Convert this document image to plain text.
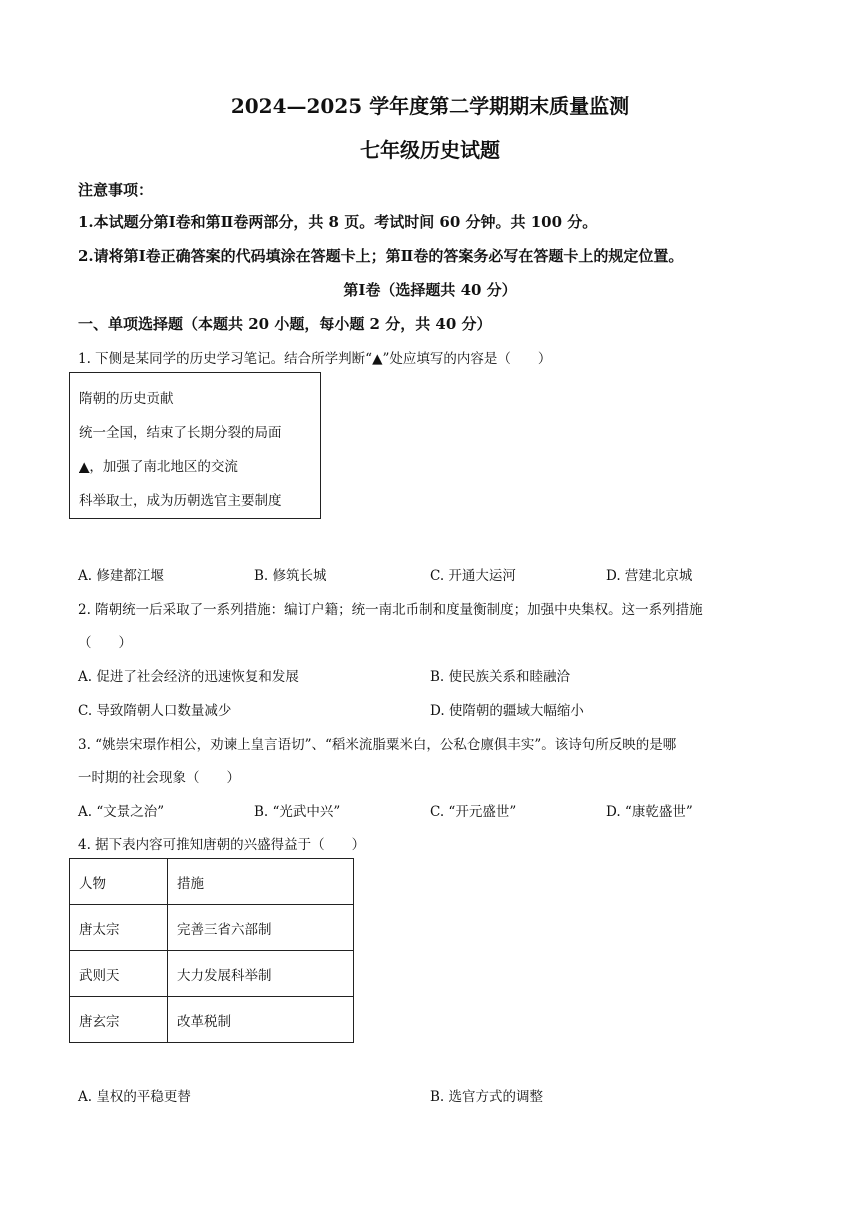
2024—2025 学年度第二学期期末质量监测
七年级历史试题
注意事项：
1.本试题分第Ⅰ卷和第Ⅱ卷两部分，共 8 页。考试时间 60 分钟。共 100 分。
2.请将第Ⅰ卷正确答案的代码填涂在答题卡上；第Ⅱ卷的答案务必写在答题卡上的规定位置。
第Ⅰ卷（选择题共 40 分）
一、单项选择题（本题共 20 小题，每小题 2 分，共 40 分）
1. 下侧是某同学的历史学习笔记。结合所学判断“▲”处应填写的内容是（　　）
隋朝的历史贡献
统一全国，结束了长期分裂的局面
▲，加强了南北地区的交流
科举取士，成为历朝选官主要制度
A. 修建都江堰	B. 修筑长城	C. 开通大运河	D. 营建北京城
2. 隋朝统一后采取了一系列措施：编订户籍；统一南北币制和度量衡制度；加强中央集权。这一系列措施
（　　）
A. 促进了社会经济的迅速恢复和发展	B. 使民族关系和睦融洽
C. 导致隋朝人口数量减少	D. 使隋朝的疆域大幅缩小
3. “姚崇宋璟作相公，劝谏上皇言语切”、“稻米流脂粟米白，公私仓廪俱丰实”。该诗句所反映的是哪
一时期的社会现象（　　）
A. “文景之治”	B. “光武中兴”	C. “开元盛世”	D. “康乾盛世”
4. 据下表内容可推知唐朝的兴盛得益于（　　）
人物	措施
唐太宗	完善三省六部制
武则天	大力发展科举制
唐玄宗	改革税制
A. 皇权的平稳更替	B. 选官方式的调整
